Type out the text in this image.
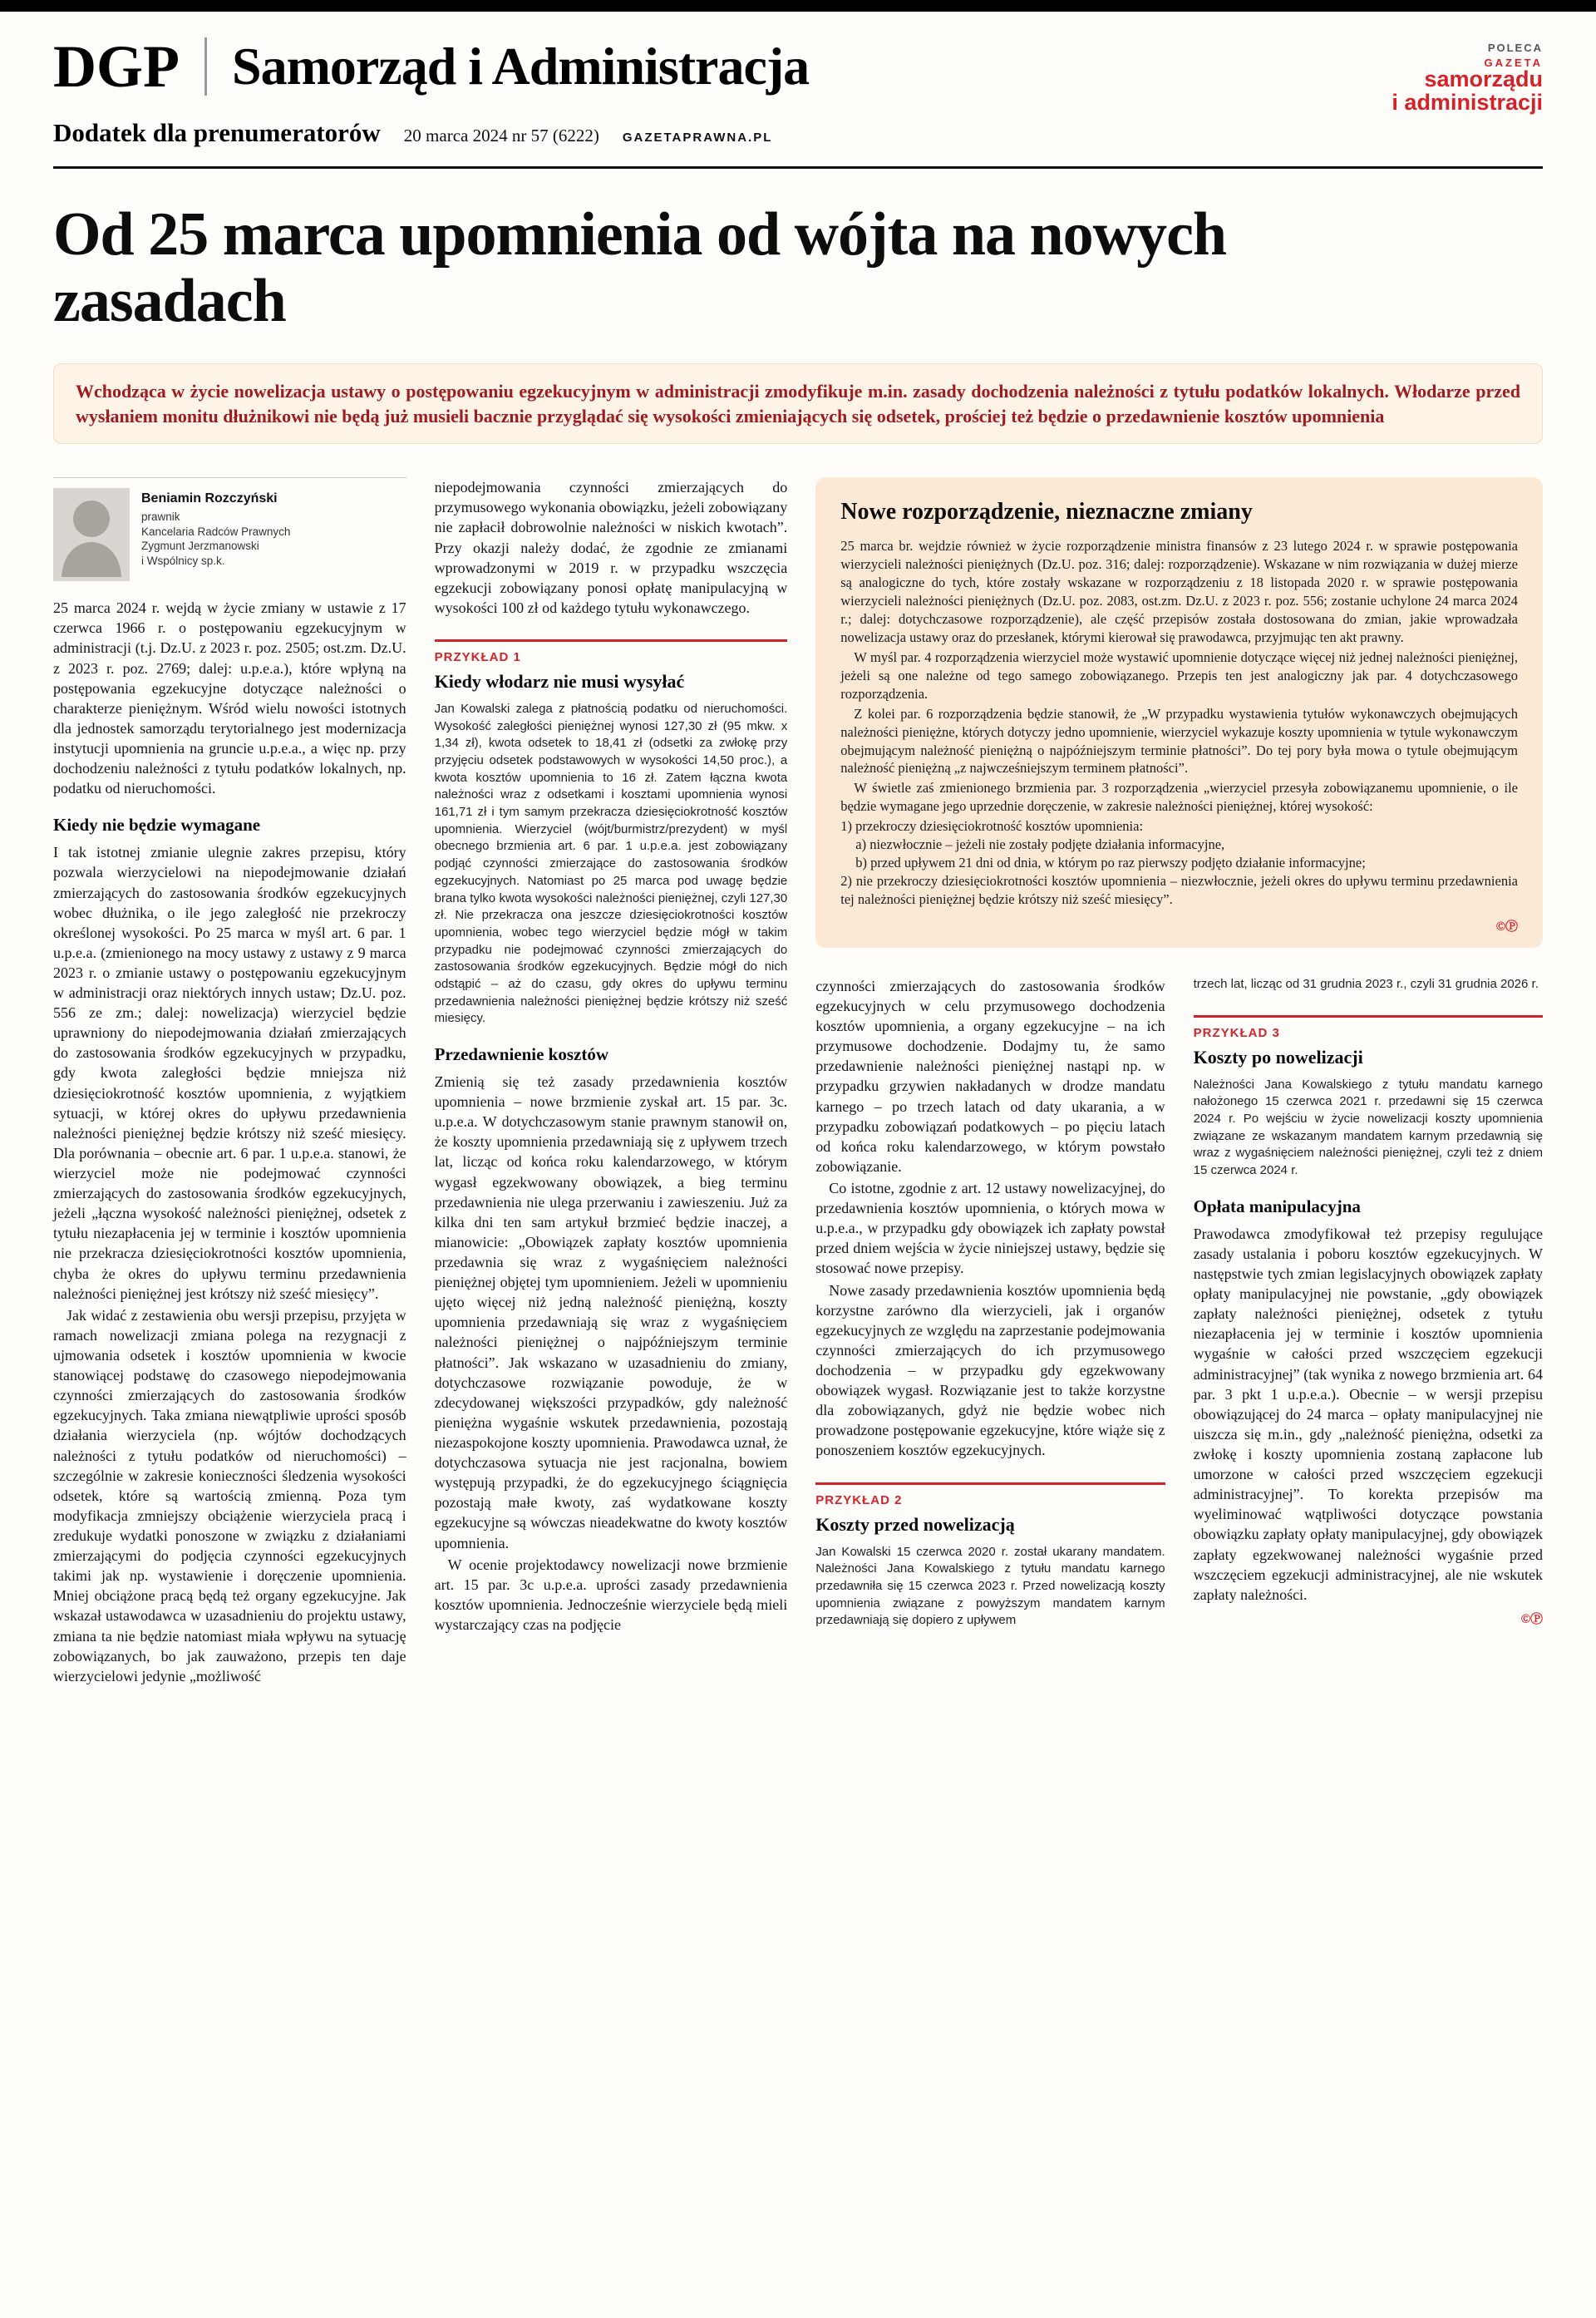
DGP Samorząd i Administracja
Dodatek dla prenumeratorów 20 marca 2024 nr 57 (6222) GAZETAPRAWNA.PL
POLECA
GAZETA
samorządu
i administracji
Od 25 marca upomnienia od wójta na nowych zasadach
Wchodząca w życie nowelizacja ustawy o postępowaniu egzekucyjnym w administracji zmodyfikuje m.in. zasady dochodzenia należności z tytułu podatków lokalnych. Włodarze przed wysłaniem monitu dłużnikowi nie będą już musieli bacznie przyglądać się wysokości zmieniających się odsetek, prościej też będzie o przedawnienie kosztów upomnienia
Beniamin Rozczyński
prawnik
Kancelaria Radców Prawnych
Zygmunt Jerzmanowski
i Wspólnicy sp.k.

25 marca 2024 r. wejdą w życie zmiany w ustawie z 17 czerwca 1966 r. o postępowaniu egzekucyjnym w administracji (t.j. Dz.U. z 2023 r. poz. 2505; ost.zm. Dz.U. z 2023 r. poz. 2769; dalej: u.p.e.a.), które wpłyną na postępowania egzekucyjne dotyczące należności o charakterze pieniężnym. Wśród wielu nowości istotnych dla jednostek samorządu terytorialnego jest modernizacja instytucji upomnienia na gruncie u.p.e.a., a więc np. przy dochodzeniu należności z tytułu podatków lokalnych, np. podatku od nieruchomości.

Kiedy nie będzie wymagane

I tak istotnej zmianie ulegnie zakres przepisu, który pozwala wierzycielowi na niepodejmowanie działań zmierzających do zastosowania środków egzekucyjnych wobec dłużnika, o ile jego zaległość nie przekroczy określonej wysokości. Po 25 marca w myśl art. 6 par. 1 u.p.e.a. (zmienionego na mocy ustawy z ustawy z 9 marca 2023 r. o zmianie ustawy o postępowaniu egzekucyjnym w administracji oraz niektórych innych ustaw; Dz.U. poz. 556 ze zm.; dalej: nowelizacja) wierzyciel będzie uprawniony do niepodejmowania działań zmierzających do zastosowania środków egzekucyjnych w przypadku, gdy kwota zaległości będzie mniejsza niż dziesięciokrotność kosztów upomnienia, z wyjątkiem sytuacji, w której okres do upływu przedawnienia należności pieniężnej będzie krótszy niż sześć miesięcy. Dla porównania – obecnie art. 6 par. 1 u.p.e.a. stanowi, że wierzyciel może nie podejmować czynności zmierzających do zastosowania środków egzekucyjnych, jeżeli „łączna wysokość należności pieniężnej, odsetek z tytułu niezapłacenia jej w terminie i kosztów upomnienia nie przekracza dziesięciokrotności kosztów upomnienia, chyba że okres do upływu terminu przedawnienia należności pieniężnej jest krótszy niż sześć miesięcy”.

Jak widać z zestawienia obu wersji przepisu, przyjęta w ramach nowelizacji zmiana polega na rezygnacji z ujmowania odsetek i kosztów upomnienia w kwocie stanowiącej podstawę do czasowego niepodejmowania czynności zmierzających do zastosowania środków egzekucyjnych. Taka zmiana niewątpliwie uprości sposób działania wierzyciela (np. wójtów dochodzących należności z tytułu podatków od nieruchomości) – szczególnie w zakresie konieczności śledzenia wysokości odsetek, które są wartością zmienną. Poza tym modyfikacja zmniejszy obciążenie wierzyciela pracą i zredukuje wydatki ponoszone w związku z działaniami zmierzającymi do podjęcia czynności egzekucyjnych takimi jak np. wystawienie i doręczenie upomnienia. Mniej obciążone pracą będą też organy egzekucyjne. Jak wskazał ustawodawca w uzasadnieniu do projektu ustawy, zmiana ta nie będzie natomiast miała wpływu na sytuację zobowiązanych, bo jak zauważono, przepis ten daje wierzycielowi jedynie „możliwość

niepodejmowania czynności zmierzających do przymusowego wykonania obowiązku, jeżeli zobowiązany nie zapłacił dobrowolnie należności w niskich kwotach”. Przy okazji należy dodać, że zgodnie ze zmianami wprowadzonymi w 2019 r. w przypadku wszczęcia egzekucji zobowiązany ponosi opłatę manipulacyjną w wysokości 100 zł od każdego tytułu wykonawczego.

PRZYKŁAD 1
Kiedy włodarz nie musi wysyłać

Jan Kowalski zalega z płatnością podatku od nieruchomości. Wysokość zaległości pieniężnej wynosi 127,30 zł (95 mkw. x 1,34 zł), kwota odsetek to 18,41 zł (odsetki za zwłokę przy przyjęciu odsetek podstawowych w wysokości 14,50 proc.), a kwota kosztów upomnienia to 16 zł. Zatem łączna kwota należności wraz z odsetkami i kosztami upomnienia wynosi 161,71 zł i tym samym przekracza dziesięciokrotność kosztów upomnienia. Wierzyciel (wójt/burmistrz/prezydent) w myśl obecnego brzmienia art. 6 par. 1 u.p.e.a. jest zobowiązany podjąć czynności zmierzające do zastosowania środków egzekucyjnych. Natomiast po 25 marca pod uwagę będzie brana tylko kwota wysokości należności pieniężnej, czyli 127,30 zł. Nie przekracza ona jeszcze dziesięciokrotności kosztów upomnienia, wobec tego wierzyciel będzie mógł w takim przypadku nie podejmować czynności zmierzających do zastosowania środków egzekucyjnych. Będzie mógł do nich odstąpić – aż do czasu, gdy okres do upływu terminu przedawnienia należności pieniężnej będzie krótszy niż sześć miesięcy.

Przedawnienie kosztów

Zmienią się też zasady przedawnienia kosztów upomnienia – nowe brzmienie zyskał art. 15 par. 3c. u.p.e.a. W dotychczasowym stanie prawnym stanowił on, że koszty upomnienia przedawniają się z upływem trzech lat, licząc od końca roku kalendarzowego, w którym wygasł egzekwowany obowiązek, a bieg terminu przedawnienia nie ulega przerwaniu i zawieszeniu. Już za kilka dni ten sam artykuł brzmieć będzie inaczej, a mianowicie: „Obowiązek zapłaty kosztów upomnienia przedawnia się wraz z wygaśnięciem należności pieniężnej objętej tym upomnieniem. Jeżeli w upomnieniu ujęto więcej niż jedną należność pieniężną, koszty upomnienia przedawniają się wraz z wygaśnięciem należności pieniężnej o najpóźniejszym terminie płatności”. Jak wskazano w uzasadnieniu do zmiany, dotychczasowe rozwiązanie powoduje, że w zdecydowanej większości przypadków, gdy należność pieniężna wygaśnie wskutek przedawnienia, pozostają niezaspokojone koszty upomnienia. Prawodawca uznał, że dotychczasowa sytuacja nie jest racjonalna, bowiem występują przypadki, że do egzekucyjnego ściągnięcia pozostają małe kwoty, zaś wydatkowane koszty egzekucyjne są wówczas nieadekwatne do kwoty kosztów upomnienia.

W ocenie projektodawcy nowelizacji nowe brzmienie art. 15 par. 3c u.p.e.a. uprości zasady przedawnienia kosztów upomnienia. Jednocześnie wierzyciele będą mieli wystarczający czas na podjęcie

Nowe rozporządzenie, nieznaczne zmiany

25 marca br. wejdzie również w życie rozporządzenie ministra finansów z 23 lutego 2024 r. w sprawie postępowania wierzycieli należności pieniężnych (Dz.U. poz. 316; dalej: rozporządzenie). Wskazane w nim rozwiązania w dużej mierze są analogiczne do tych, które zostały wskazane w rozporządzeniu z 18 listopada 2020 r. w sprawie postępowania wierzycieli należności pieniężnych (Dz.U. poz. 2083, ost.zm. Dz.U. z 2023 r. poz. 556; zostanie uchylone 24 marca 2024 r.; dalej: dotychczasowe rozporządzenie), ale część przepisów została dostosowana do zmian, jakie wprowadzała nowelizacja ustawy oraz do przesłanek, którymi kierował się prawodawca, przyjmując ten akt prawny.

W myśl par. 4 rozporządzenia wierzyciel może wystawić upomnienie dotyczące więcej niż jednej należności pieniężnej, jeżeli są one należne od tego samego zobowiązanego. Przepis ten jest analogiczny jak par. 4 dotychczasowego rozporządzenia.

Z kolei par. 6 rozporządzenia będzie stanowił, że „W przypadku wystawienia tytułów wykonawczych obejmujących należności pieniężne, których dotyczy jedno upomnienie, wierzyciel wykazuje koszty upomnienia w tytule wykonawczym obejmującym należność pieniężną o najpóźniejszym terminie płatności”. Do tej pory była mowa o tytule obejmującym należność pieniężną „z najwcześniejszym terminem płatności”.

W świetle zaś zmienionego brzmienia par. 3 rozporządzenia „wierzyciel przesyła zobowiązanemu upomnienie, o ile będzie wymagane jego uprzednie doręczenie, w zakresie należności pieniężnej, której wysokość:

1) przekroczy dziesięciokrotność kosztów upomnienia:
a) niezwłocznie – jeżeli nie zostały podjęte działania informacyjne,
b) przed upływem 21 dni od dnia, w którym po raz pierwszy podjęto działanie informacyjne;
2) nie przekroczy dziesięciokrotności kosztów upomnienia – niezwłocznie, jeżeli okres do upływu terminu przedawnienia tej należności pieniężnej będzie krótszy niż sześć miesięcy”.
©Ⓟ

czynności zmierzających do zastosowania środków egzekucyjnych w celu przymusowego dochodzenia kosztów upomnienia, a organy egzekucyjne – na ich przymusowe dochodzenie. Dodajmy tu, że samo przedawnienie należności pieniężnej nastąpi np. w przypadku grzywien nakładanych w drodze mandatu karnego – po trzech latach od daty ukarania, a w przypadku zobowiązań podatkowych – po pięciu latach od końca roku kalendarzowego, w którym powstało zobowiązanie.

Co istotne, zgodnie z art. 12 ustawy nowelizacyjnej, do przedawnienia kosztów upomnienia, o których mowa w u.p.e.a., w przypadku gdy obowiązek ich zapłaty powstał przed dniem wejścia w życie niniejszej ustawy, będzie się stosować nowe przepisy.

Nowe zasady przedawnienia kosztów upomnienia będą korzystne zarówno dla wierzycieli, jak i organów egzekucyjnych ze względu na zaprzestanie podejmowania czynności zmierzających do ich przymusowego dochodzenia – w przypadku gdy egzekwowany obowiązek wygasł. Rozwiązanie jest to także korzystne dla zobowiązanych, gdyż nie będzie wobec nich prowadzone postępowanie egzekucyjne, które wiąże się z ponoszeniem kosztów egzekucyjnych.

PRZYKŁAD 2
Koszty przed nowelizacją

Jan Kowalski 15 czerwca 2020 r. został ukarany mandatem. Należności Jana Kowalskiego z tytułu mandatu karnego przedawniła się 15 czerwca 2023 r. Przed nowelizacją koszty upomnienia związane z powyższym mandatem karnym przedawniają się dopiero z upływem

trzech lat, licząc od 31 grudnia 2023 r., czyli 31 grudnia 2026 r.

PRZYKŁAD 3
Koszty po nowelizacji

Należności Jana Kowalskiego z tytułu mandatu karnego nałożonego 15 czerwca 2021 r. przedawni się 15 czerwca 2024 r. Po wejściu w życie nowelizacji koszty upomnienia związane ze wskazanym mandatem karnym przedawnią się wraz z wygaśnięciem należności pieniężnej, czyli też z dniem 15 czerwca 2024 r.

Opłata manipulacyjna

Prawodawca zmodyfikował też przepisy regulujące zasady ustalania i poboru kosztów egzekucyjnych. W następstwie tych zmian legislacyjnych obowiązek zapłaty opłaty manipulacyjnej nie powstanie, „gdy obowiązek zapłaty należności pieniężnej, odsetek z tytułu niezapłacenia jej w terminie i kosztów upomnienia wygaśnie w całości przed wszczęciem egzekucji administracyjnej” (tak wynika z nowego brzmienia art. 64 par. 3 pkt 1 u.p.e.a.). Obecnie – w wersji przepisu obowiązującej do 24 marca – opłaty manipulacyjnej nie uiszcza się m.in., gdy „należność pieniężna, odsetki za zwłokę i koszty upomnienia zostaną zapłacone lub umorzone w całości przed wszczęciem egzekucji administracyjnej”. To korekta przepisów ma wyeliminować wątpliwości dotyczące powstania obowiązku zapłaty opłaty manipulacyjnej, gdy obowiązek zapłaty egzekwowanej należności wygaśnie przed wszczęciem egzekucji administracyjnej, ale nie wskutek zapłaty należności.

©Ⓟ
